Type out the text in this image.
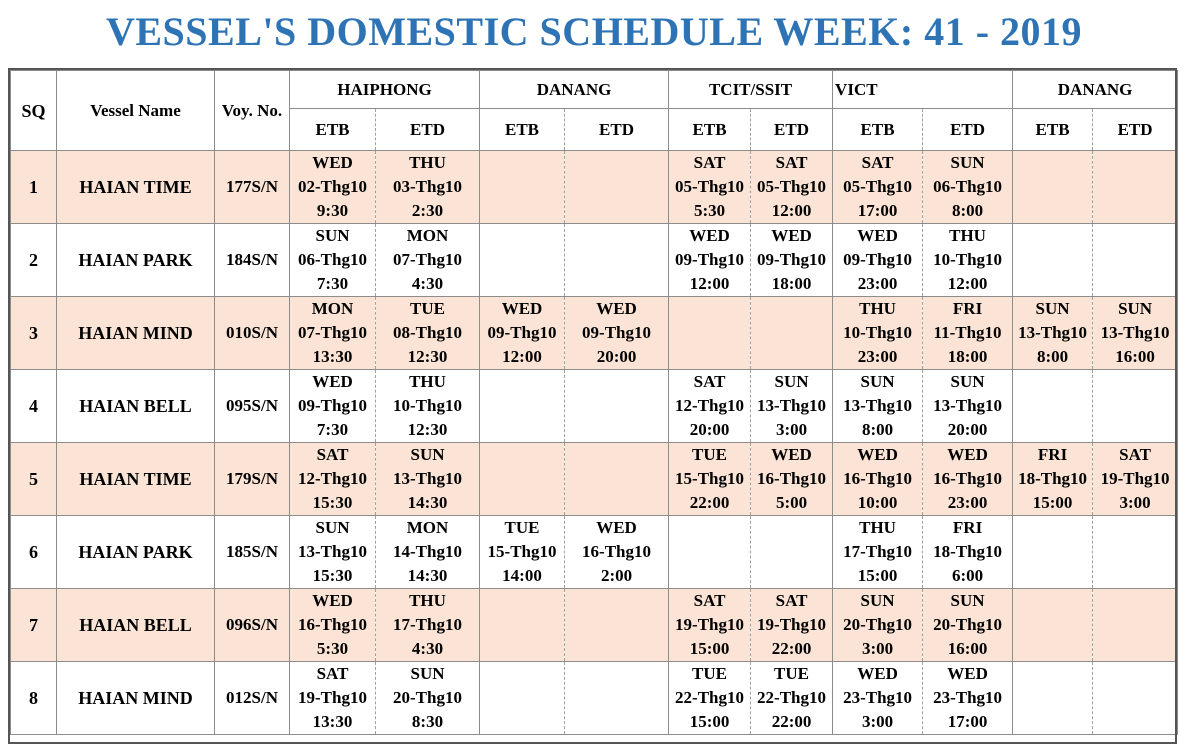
VESSEL'S DOMESTIC SCHEDULE WEEK: 41 - 2019
SQ	Vessel Name	Voy. No.	HAIPHONG		DANANG		TCIT/SSIT		VICT		DANANG	
			ETB	ETD	ETB	ETD	ETB	ETD	ETB	ETD	ETB	ETD
1	HAIAN TIME	177S/N	WED
02-Thg10
9:30	THU
03-Thg10
2:30			SAT
05-Thg10
5:30	SAT
05-Thg10
12:00	SAT
05-Thg10
17:00	SUN
06-Thg10
8:00		

2	HAIAN PARK	184S/N	SUN
06-Thg10
7:30	MON
07-Thg10
4:30			WED
09-Thg10
12:00	WED
09-Thg10
18:00	WED
09-Thg10
23:00	THU
10-Thg10
12:00		

3	HAIAN MIND	010S/N	MON
07-Thg10
13:30	TUE
08-Thg10
12:30	WED
09-Thg10
12:00	WED
09-Thg10
20:00			THU
10-Thg10
23:00	FRI
11-Thg10
18:00	SUN
13-Thg10
8:00	SUN
13-Thg10
16:00

4	HAIAN BELL	095S/N	WED
09-Thg10
7:30	THU
10-Thg10
12:30			SAT
12-Thg10
20:00	SUN
13-Thg10
3:00	SUN
13-Thg10
8:00	SUN
13-Thg10
20:00		

5	HAIAN TIME	179S/N	SAT
12-Thg10
15:30	SUN
13-Thg10
14:30			TUE
15-Thg10
22:00	WED
16-Thg10
5:00	WED
16-Thg10
10:00	WED
16-Thg10
23:00	FRI
18-Thg10
15:00	SAT
19-Thg10
3:00

6	HAIAN PARK	185S/N	SUN
13-Thg10
15:30	MON
14-Thg10
14:30	TUE
15-Thg10
14:00	WED
16-Thg10
2:00			THU
17-Thg10
15:00	FRI
18-Thg10
6:00		

7	HAIAN BELL	096S/N	WED
16-Thg10
5:30	THU
17-Thg10
4:30			SAT
19-Thg10
15:00	SAT
19-Thg10
22:00	SUN
20-Thg10
3:00	SUN
20-Thg10
16:00		

8	HAIAN MIND	012S/N	SAT
19-Thg10
13:30	SUN
20-Thg10
8:30			TUE
22-Thg10
15:00	TUE
22-Thg10
22:00	WED
23-Thg10
3:00	WED
23-Thg10
17:00		
